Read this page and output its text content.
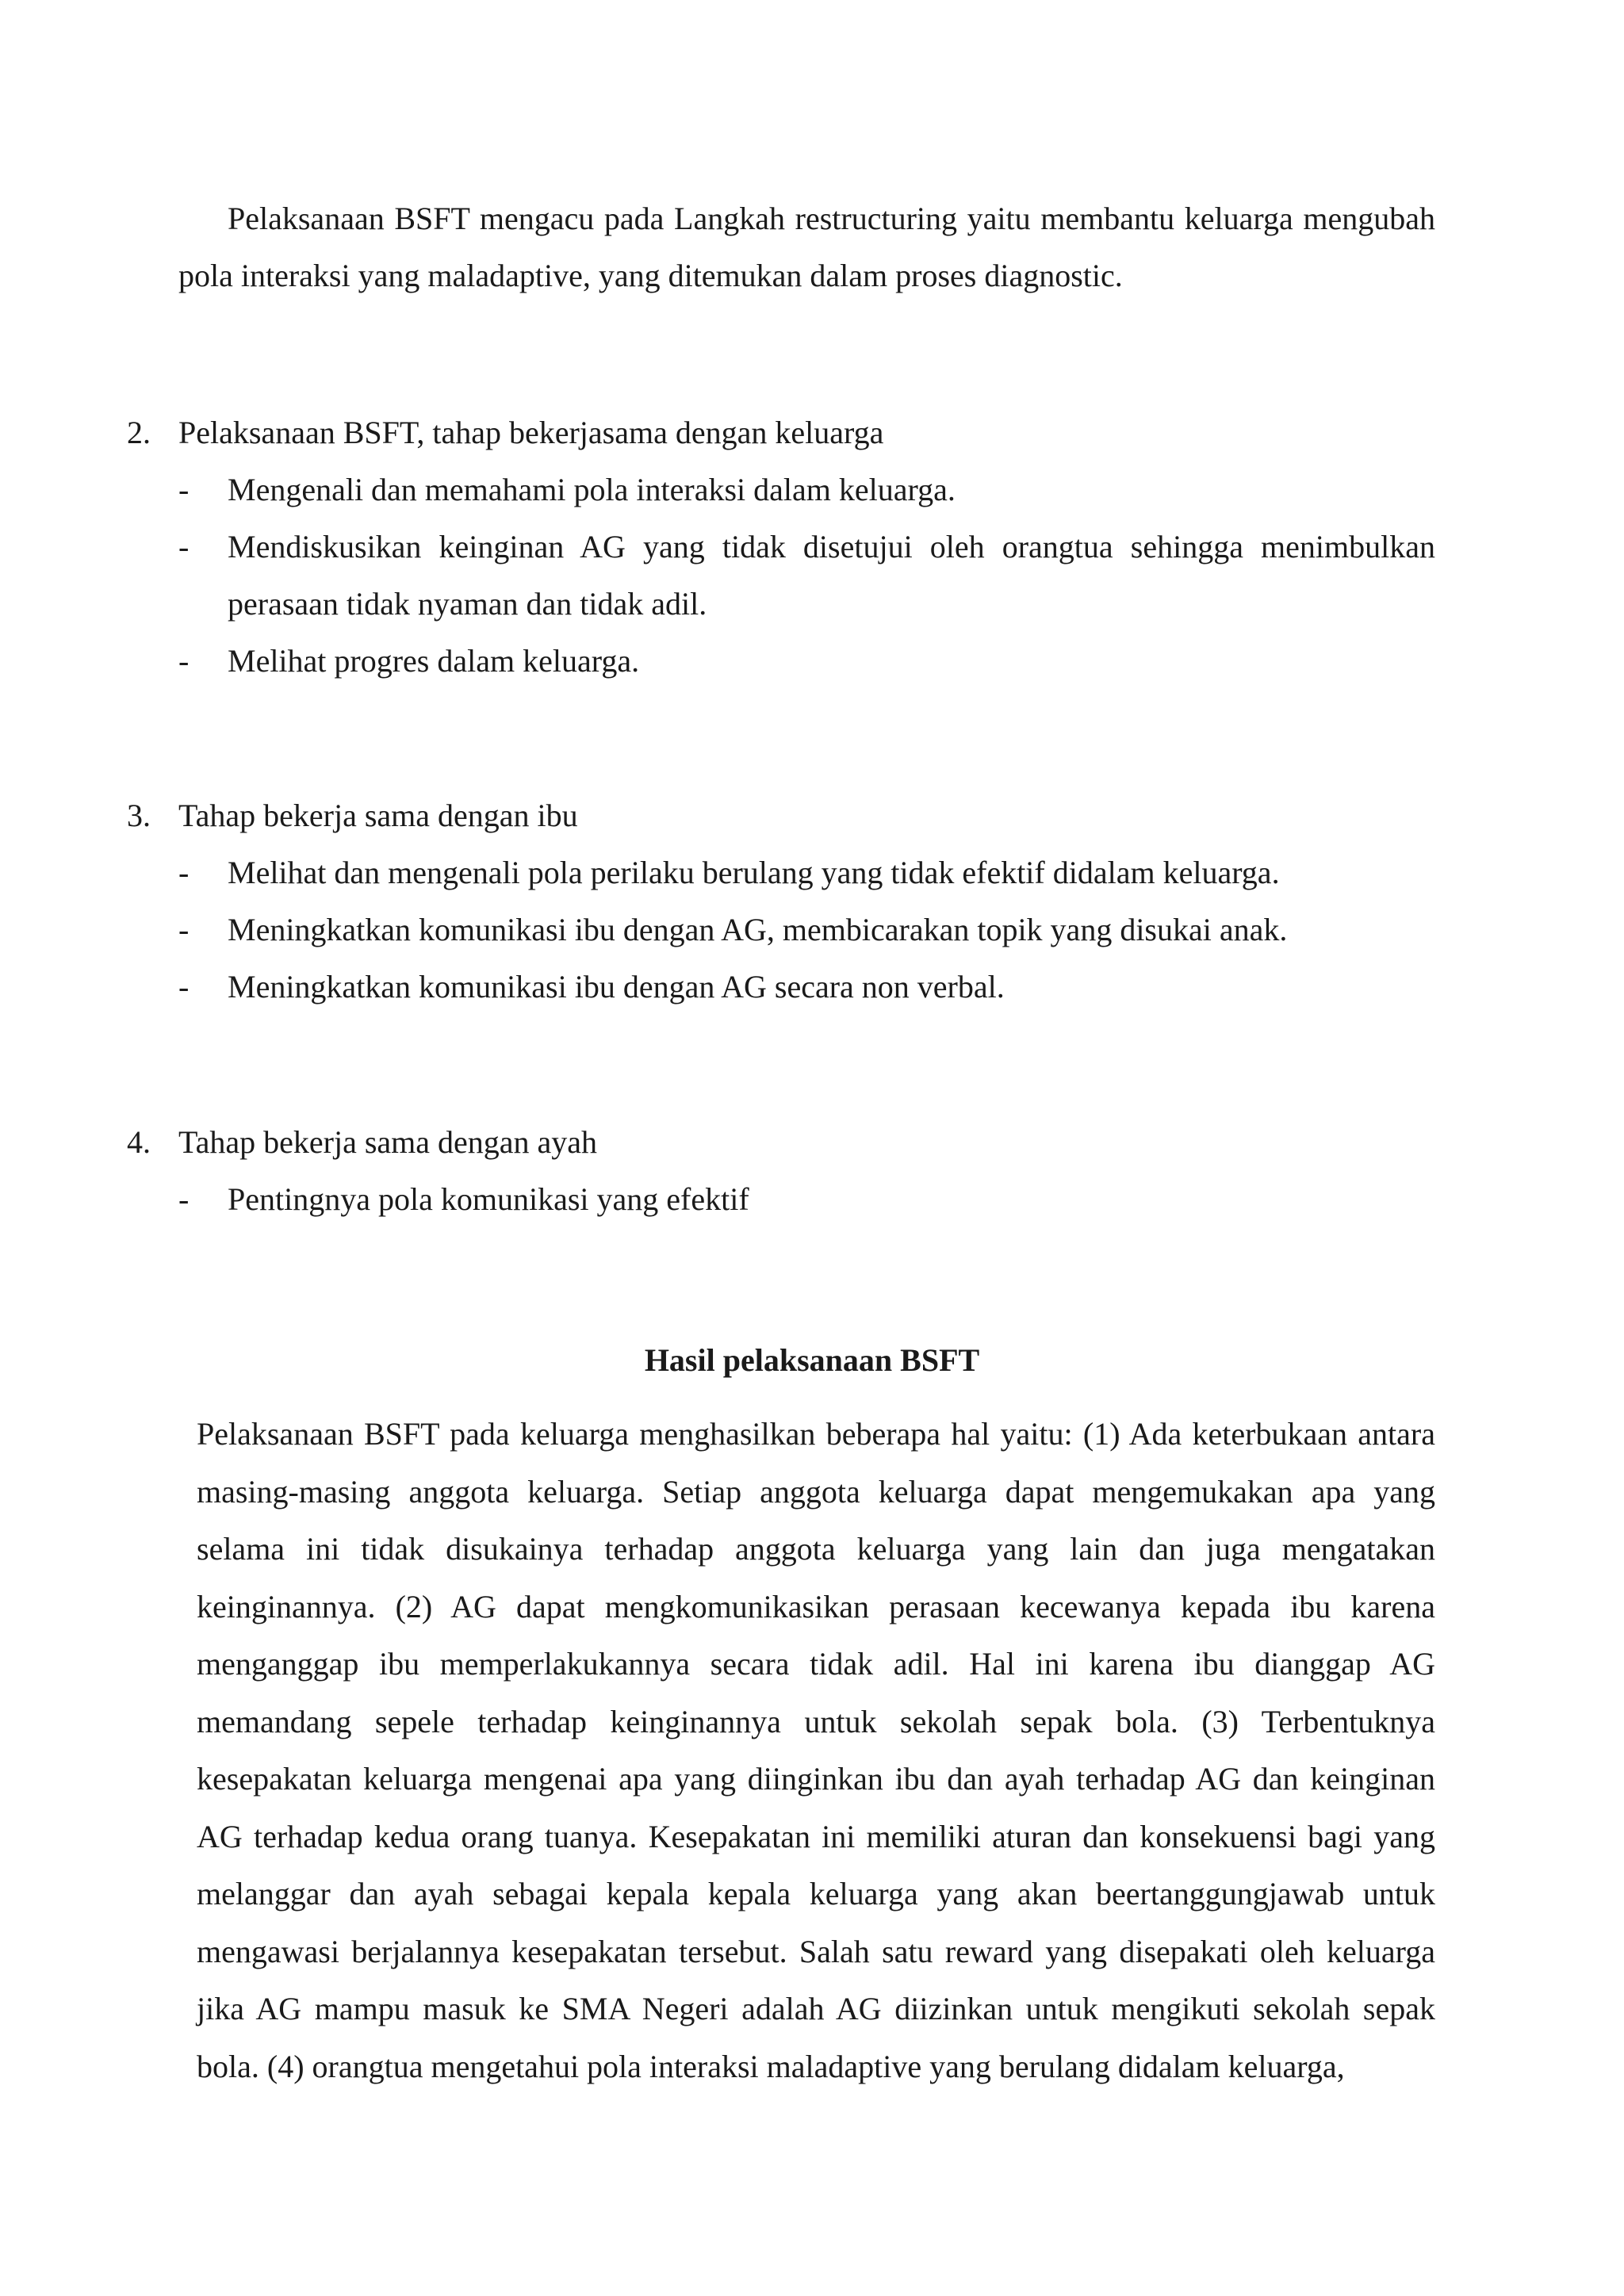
Pelaksanaan BSFT mengacu pada Langkah restructuring yaitu membantu keluarga mengubah pola interaksi yang maladaptive, yang ditemukan dalam proses diagnostic.

2. Pelaksanaan BSFT, tahap bekerjasama dengan keluarga
-	Mengenali dan memahami pola interaksi dalam keluarga.
-	Mendiskusikan keinginan AG yang tidak disetujui oleh orangtua sehingga menimbulkan perasaan tidak nyaman dan tidak adil.
-	Melihat progres dalam keluarga.
3. Tahap bekerja sama dengan ibu
-	Melihat dan mengenali pola perilaku berulang yang tidak efektif didalam keluarga.
-	Meningkatkan komunikasi ibu dengan AG, membicarakan topik yang disukai anak.
-	Meningkatkan komunikasi ibu dengan AG secara non verbal.
4. Tahap bekerja sama dengan ayah
-	Pentingnya pola komunikasi yang efektif
Hasil pelaksanaan BSFT

Pelaksanaan BSFT pada keluarga menghasilkan beberapa hal yaitu: (1) Ada keterbukaan antara masing-masing anggota keluarga. Setiap anggota keluarga dapat mengemukakan apa yang selama ini tidak disukainya terhadap anggota keluarga yang lain dan juga mengatakan keinginannya. (2) AG dapat mengkomunikasikan perasaan kecewanya kepada ibu karena menganggap ibu memperlakukannya secara tidak adil. Hal ini karena ibu dianggap AG memandang sepele terhadap keinginannya untuk sekolah sepak bola. (3) Terbentuknya kesepakatan keluarga mengenai apa yang diinginkan ibu dan ayah terhadap AG dan keinginan AG terhadap kedua orang tuanya. Kesepakatan ini memiliki aturan dan konsekuensi bagi yang melanggar dan ayah sebagai kepala kepala keluarga yang akan beertanggungjawab untuk mengawasi berjalannya kesepakatan tersebut. Salah satu reward yang disepakati oleh keluarga jika AG mampu masuk ke SMA Negeri adalah AG diizinkan untuk mengikuti sekolah sepak bola. (4) orangtua mengetahui pola interaksi maladaptive yang berulang didalam keluarga,
